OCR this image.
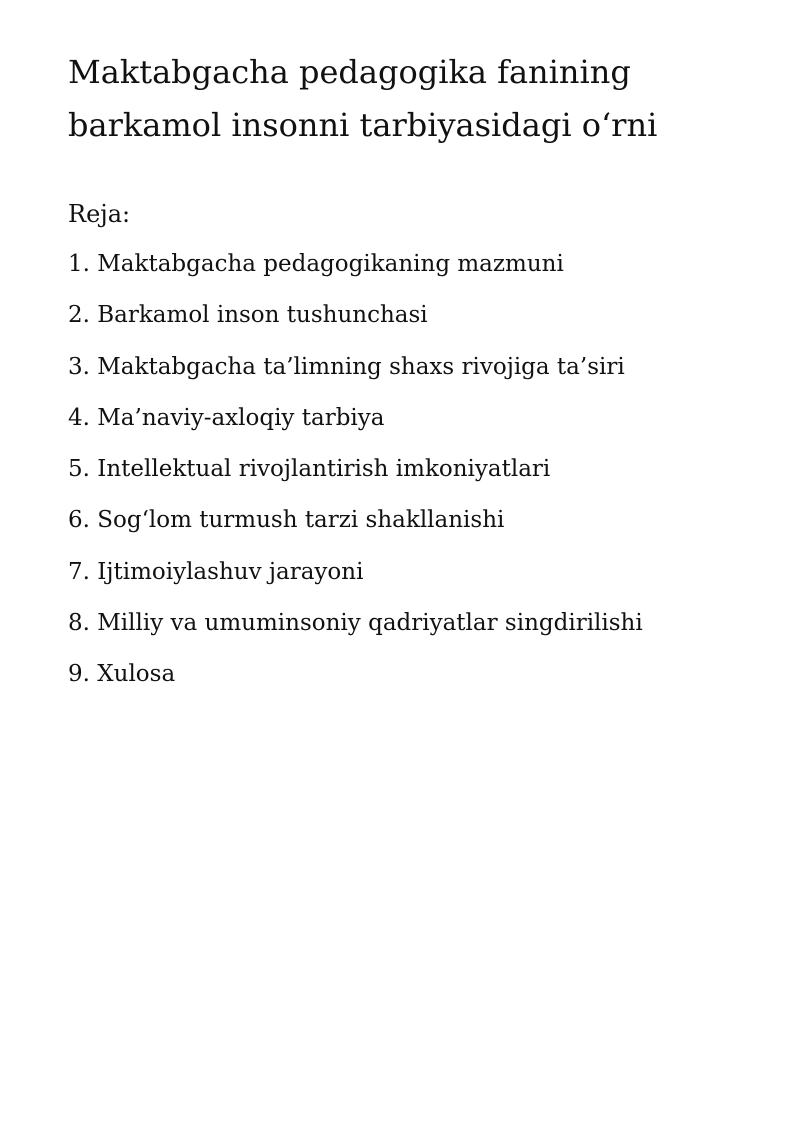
Maktabgacha pedagogika fanining
barkamol insonni tarbiyasidagi o‘rni

Reja:

1. Maktabgacha pedagogikaning mazmuni
2. Barkamol inson tushunchasi
3. Maktabgacha ta’limning shaxs rivojiga ta’siri
4. Ma’naviy-axloqiy tarbiya
5. Intellektual rivojlantirish imkoniyatlari
6. Sog‘lom turmush tarzi shakllanishi
7. Ijtimoiylashuv jarayoni
8. Milliy va umuminsoniy qadriyatlar singdirilishi
9. Xulosa
